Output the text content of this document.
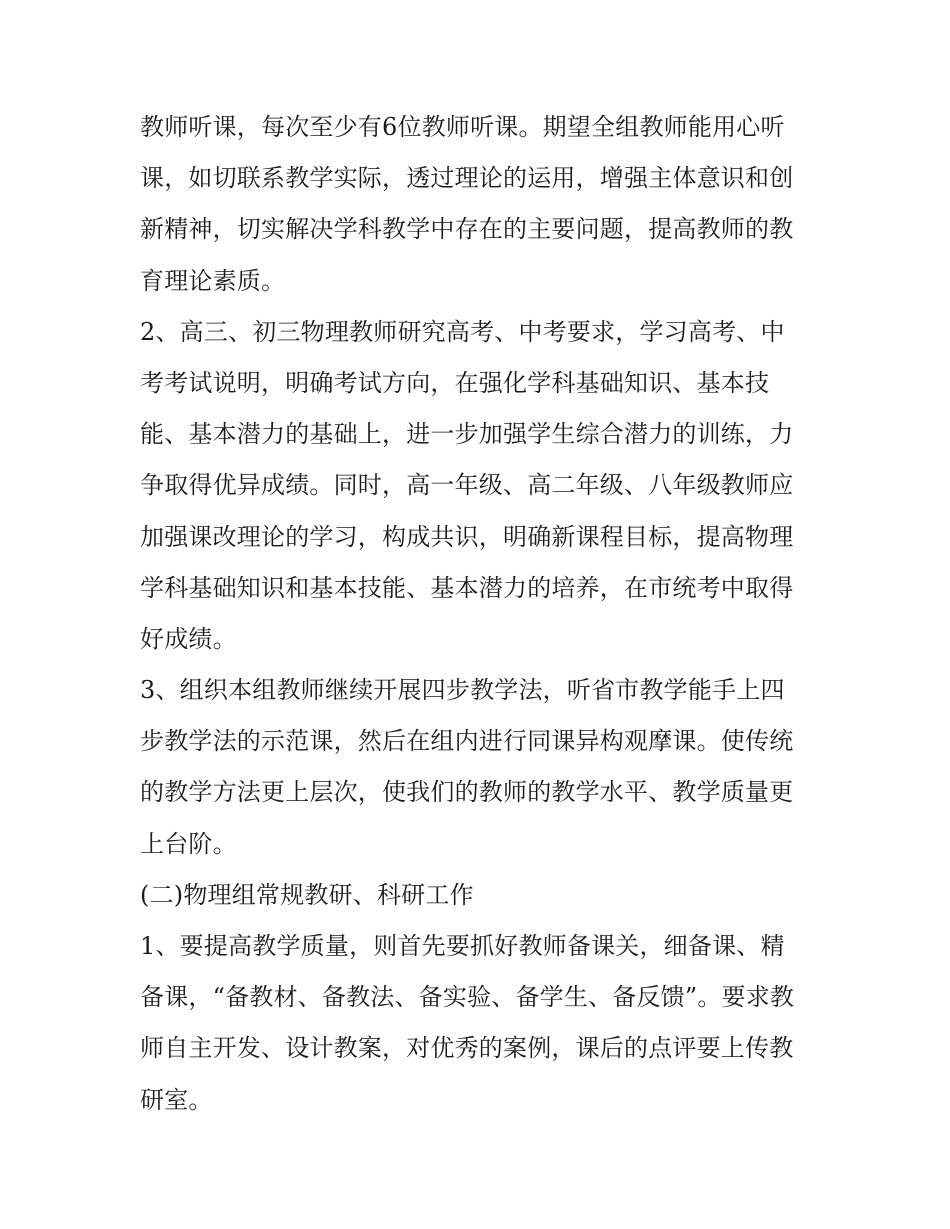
教师听课，每次至少有6位教师听课。期望全组教师能用心听
课，如切联系教学实际，透过理论的运用，增强主体意识和创
新精神，切实解决学科教学中存在的主要问题，提高教师的教
育理论素质。
2、高三、初三物理教师研究高考、中考要求，学习高考、中
考考试说明，明确考试方向，在强化学科基础知识、基本技
能、基本潜力的基础上，进一步加强学生综合潜力的训练，力
争取得优异成绩。同时，高一年级、高二年级、八年级教师应
加强课改理论的学习，构成共识，明确新课程目标，提高物理
学科基础知识和基本技能、基本潜力的培养，在市统考中取得
好成绩。
3、组织本组教师继续开展四步教学法，听省市教学能手上四
步教学法的示范课，然后在组内进行同课异构观摩课。使传统
的教学方法更上层次，使我们的教师的教学水平、教学质量更
上台阶。
(二)物理组常规教研、科研工作
1、要提高教学质量，则首先要抓好教师备课关，细备课、精
备课，“备教材、备教法、备实验、备学生、备反馈”。要求教
师自主开发、设计教案，对优秀的案例，课后的点评要上传教
研室。
